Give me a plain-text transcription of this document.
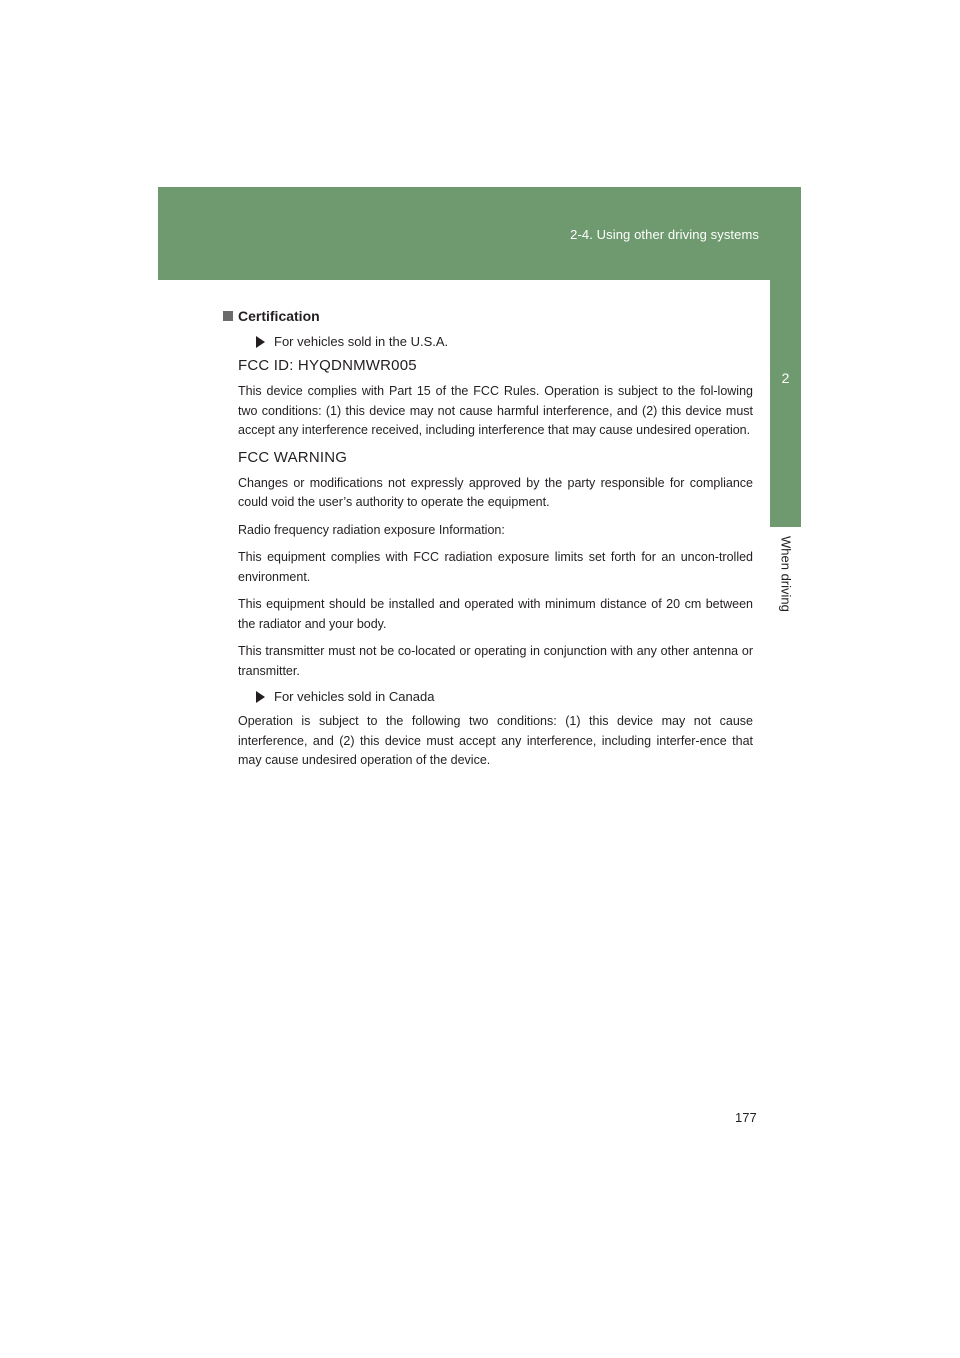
2-4. Using other driving systems
2
When driving
Certification
For vehicles sold in the U.S.A.
FCC ID: HYQDNMWR005

This device complies with Part 15 of the FCC Rules. Operation is subject to the fol-lowing two conditions: (1) this device may not cause harmful interference, and (2) this device must accept any interference received, including interference that may cause undesired operation.

FCC WARNING

Changes or modifications not expressly approved by the party responsible for compliance could void the user’s authority to operate the equipment.

Radio frequency radiation exposure Information:

This equipment complies with FCC radiation exposure limits set forth for an uncon-trolled environment.

This equipment should be installed and operated with minimum distance of 20 cm between the radiator and your body.

This transmitter must not be co-located or operating in conjunction with any other antenna or transmitter.

For vehicles sold in Canada

Operation is subject to the following two conditions: (1) this device may not cause interference, and (2) this device must accept any interference, including interfer-ence that may cause undesired operation of the device.

177
